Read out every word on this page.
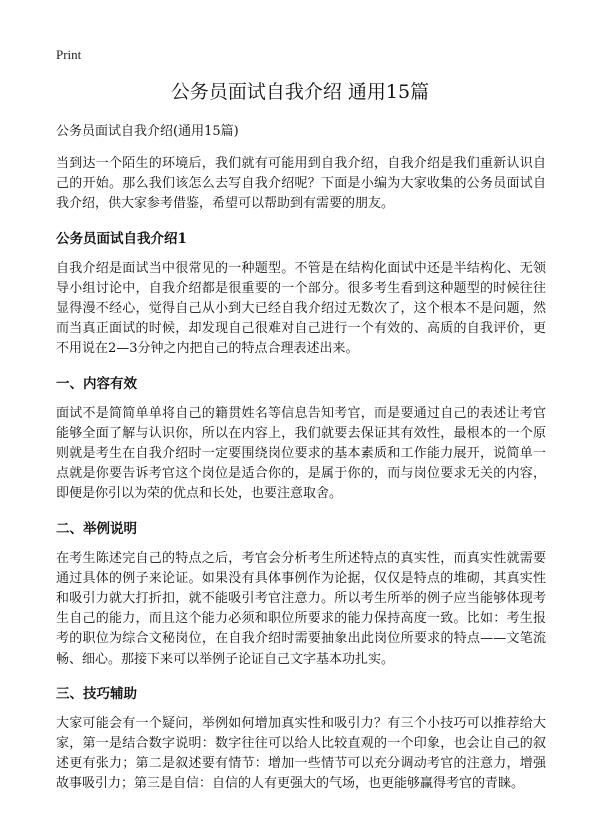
Print
公务员面试自我介绍 通用15篇
公务员面试自我介绍(通用15篇)

当到达一个陌生的环境后，我们就有可能用到自我介绍，自我介绍是我们重新认识自己的开始。那么我们该怎么去写自我介绍呢？下面是小编为大家收集的公务员面试自我介绍，供大家参考借鉴，希望可以帮助到有需要的朋友。

公务员面试自我介绍1

自我介绍是面试当中很常见的一种题型。不管是在结构化面试中还是半结构化、无领导小组讨论中，自我介绍都是很重要的一个部分。很多考生看到这种题型的时候往往显得漫不经心，觉得自己从小到大已经自我介绍过无数次了，这个根本不是问题，然而当真正面试的时候，却发现自己很难对自己进行一个有效的、高质的自我评价，更不用说在2—3分钟之内把自己的特点合理表述出来。

一、内容有效

面试不是简简单单将自己的籍贯姓名等信息告知考官，而是要通过自己的表述让考官能够全面了解与认识你，所以在内容上，我们就要去保证其有效性，最根本的一个原则就是考生在自我介绍时一定要围绕岗位要求的基本素质和工作能力展开，说简单一点就是你要告诉考官这个岗位是适合你的，是属于你的，而与岗位要求无关的内容，即便是你引以为荣的优点和长处，也要注意取舍。

二、举例说明

在考生陈述完自己的特点之后，考官会分析考生所述特点的真实性，而真实性就需要通过具体的例子来论证。如果没有具体事例作为论据，仅仅是特点的堆砌，其真实性和吸引力就大打折扣，就不能吸引考官注意力。所以考生所举的例子应当能够体现考生自己的能力，而且这个能力必须和职位所要求的能力保持高度一致。比如：考生报考的职位为综合文秘岗位，在自我介绍时需要抽象出此岗位所要求的特点——文笔流畅、细心。那接下来可以举例子论证自己文字基本功扎实。

三、技巧辅助

大家可能会有一个疑问，举例如何增加真实性和吸引力？有三个小技巧可以推荐给大家，第一是结合数字说明：数字往往可以给人比较直观的一个印象，也会让自己的叙述更有张力；第二是叙述要有情节：增加一些情节可以充分调动考官的注意力，增强故事吸引力；第三是自信：自信的人有更强大的气场，也更能够赢得考官的青睐。
